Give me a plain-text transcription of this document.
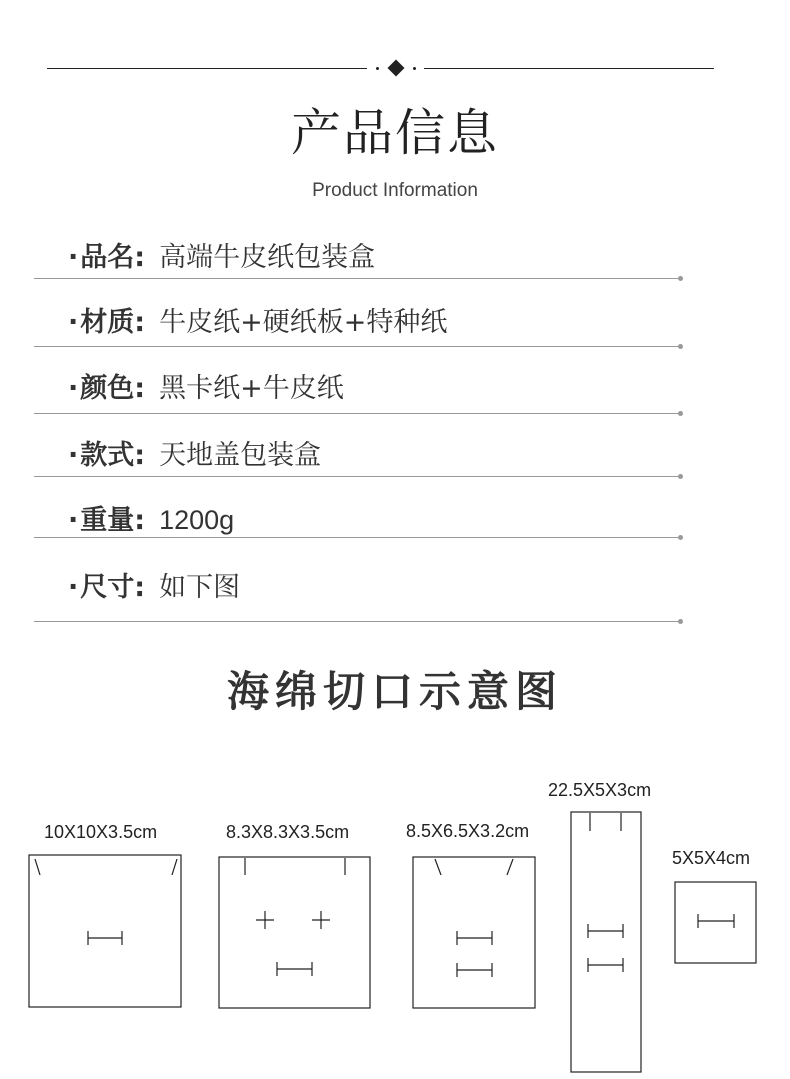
产品信息
Product Information
·品名: 高端牛皮纸包装盒
·材质: 牛皮纸+硬纸板+特种纸
·颜色: 黑卡纸+牛皮纸
·款式: 天地盖包装盒
·重量: 1200g
·尺寸: 如下图
海绵切口示意图
10X10X3.5cm	8.3X8.3X3.5cm	8.5X6.5X3.2cm
22.5X5X3cm
5X5X4cm
